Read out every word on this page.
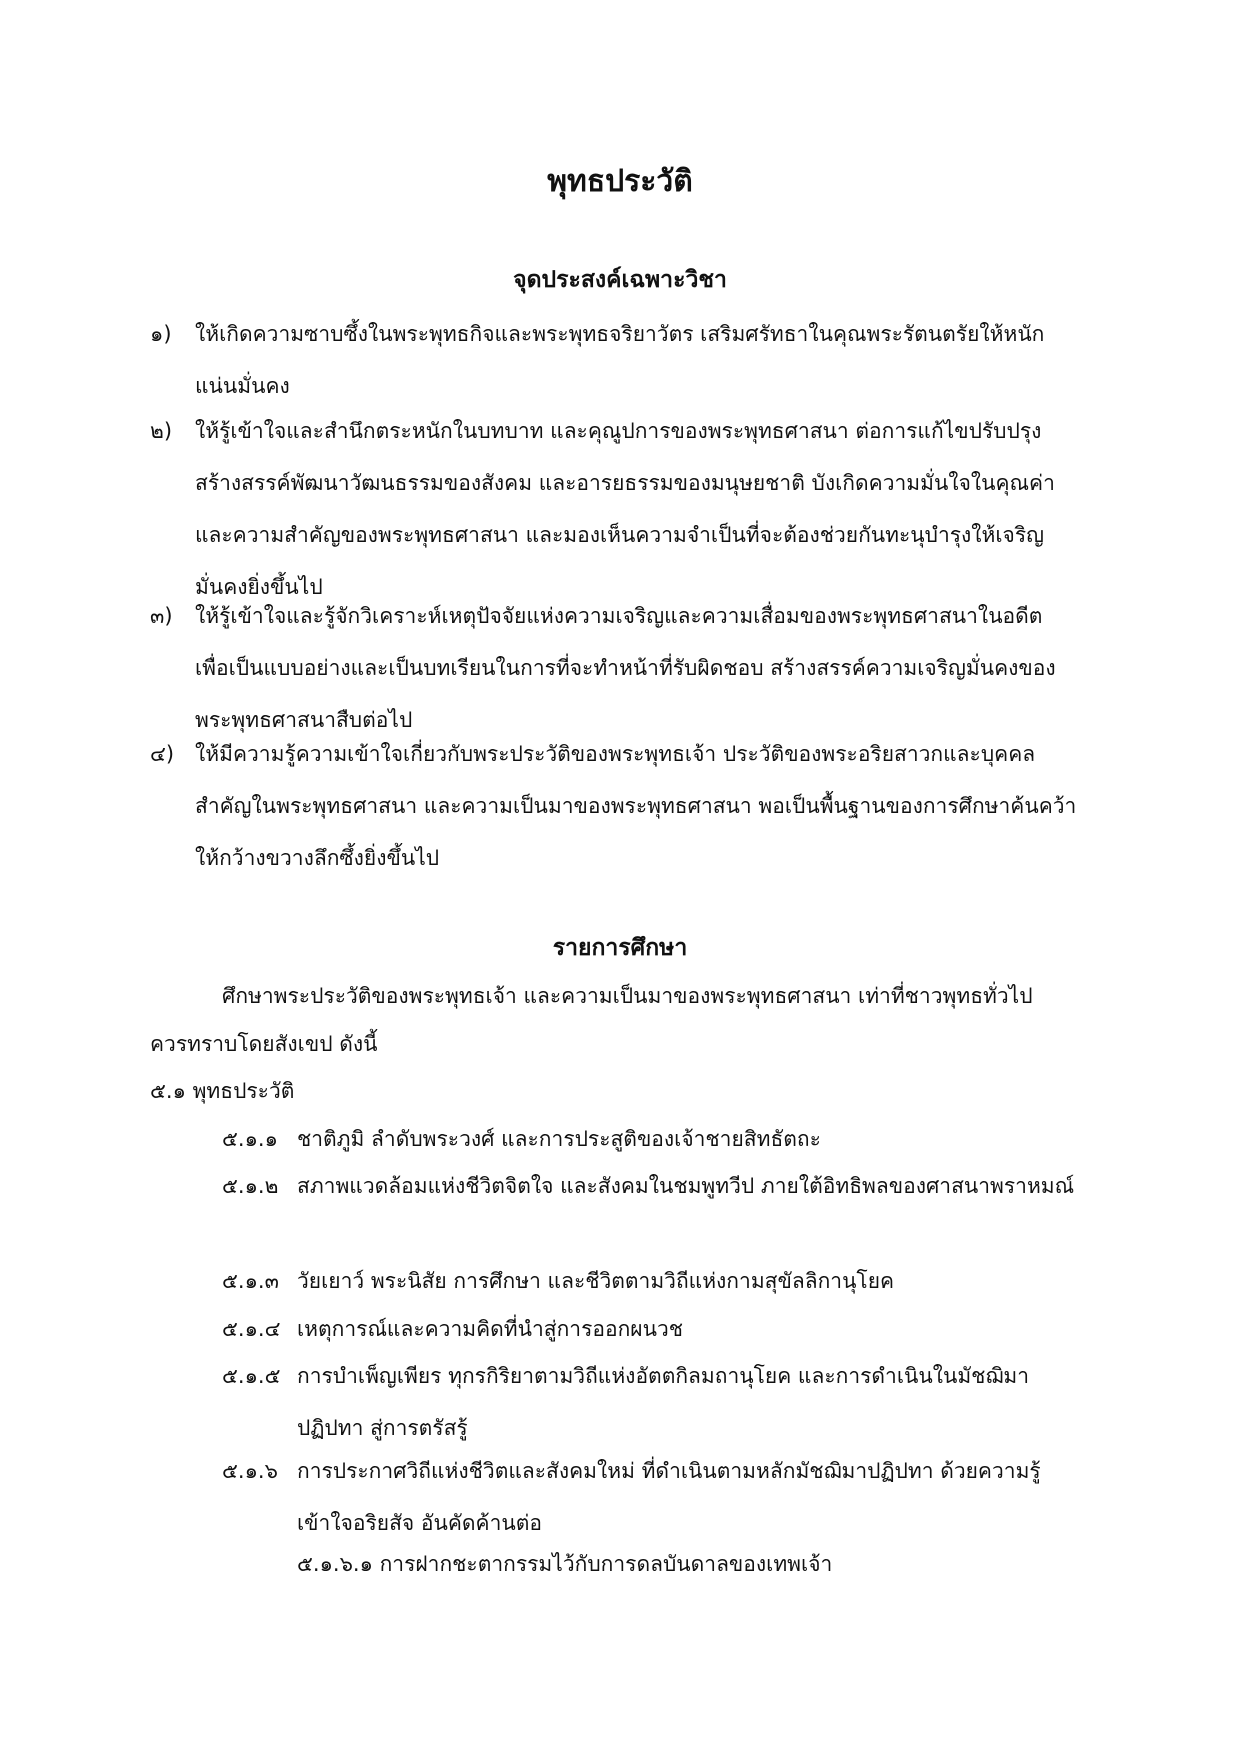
พุทธประวัติ
จุดประสงค์เฉพาะวิชา
๑) ให้เกิดความซาบซึ้งในพระพุทธกิจและพระพุทธจริยาวัตร เสริมศรัทธาในคุณพระรัตนตรัยให้หนักแน่นมั่นคง
๒) ให้รู้เข้าใจและสำนึกตระหนักในบทบาท และคุณูปการของพระพุทธศาสนา ต่อการแก้ไขปรับปรุง สร้างสรรค์พัฒนาวัฒนธรรมของสังคม และอารยธรรมของมนุษยชาติ บังเกิดความมั่นใจในคุณค่า และความสำคัญของพระพุทธศาสนา และมองเห็นความจำเป็นที่จะต้องช่วยกันทะนุบำรุงให้เจริญมั่นคงยิ่งขึ้นไป
๓) ให้รู้เข้าใจและรู้จักวิเคราะห์เหตุปัจจัยแห่งความเจริญและความเสื่อมของพระพุทธศาสนาในอดีต เพื่อเป็นแบบอย่างและเป็นบทเรียนในการที่จะทำหน้าที่รับผิดชอบ สร้างสรรค์ความเจริญมั่นคงของพระพุทธศาสนาสืบต่อไป
๔) ให้มีความรู้ความเข้าใจเกี่ยวกับพระประวัติของพระพุทธเจ้า ประวัติของพระอริยสาวกและบุคคลสำคัญในพระพุทธศาสนา และความเป็นมาของพระพุทธศาสนา พอเป็นพื้นฐานของการศึกษาค้นคว้าให้กว้างขวางลึกซึ้งยิ่งขึ้นไป
รายการศึกษา
ศึกษาพระประวัติของพระพุทธเจ้า และความเป็นมาของพระพุทธศาสนา เท่าที่ชาวพุทธทั่วไป
ควรทราบโดยสังเขป ดังนี้
๕.๑ พุทธประวัติ
๕.๑.๑ ชาติภูมิ ลำดับพระวงศ์ และการประสูติของเจ้าชายสิทธัตถะ
๕.๑.๒ สภาพแวดล้อมแห่งชีวิตจิตใจ และสังคมในชมพูทวีป ภายใต้อิทธิพลของศาสนาพราหมณ์
๕.๑.๓ วัยเยาว์ พระนิสัย การศึกษา และชีวิตตามวิถีแห่งกามสุขัลลิกานุโยค
๕.๑.๔ เหตุการณ์และความคิดที่นำสู่การออกผนวช
๕.๑.๕ การบำเพ็ญเพียร ทุกรกิริยาตามวิถีแห่งอัตตกิลมถานุโยค และการดำเนินในมัชฌิมาปฏิปทา สู่การตรัสรู้
๕.๑.๖ การประกาศวิถีแห่งชีวิตและสังคมใหม่ ที่ดำเนินตามหลักมัชฌิมาปฏิปทา ด้วยความรู้เข้าใจอริยสัจ อันคัดค้านต่อ
๕.๑.๖.๑ การฝากชะตากรรมไว้กับการดลบันดาลของเทพเจ้า
